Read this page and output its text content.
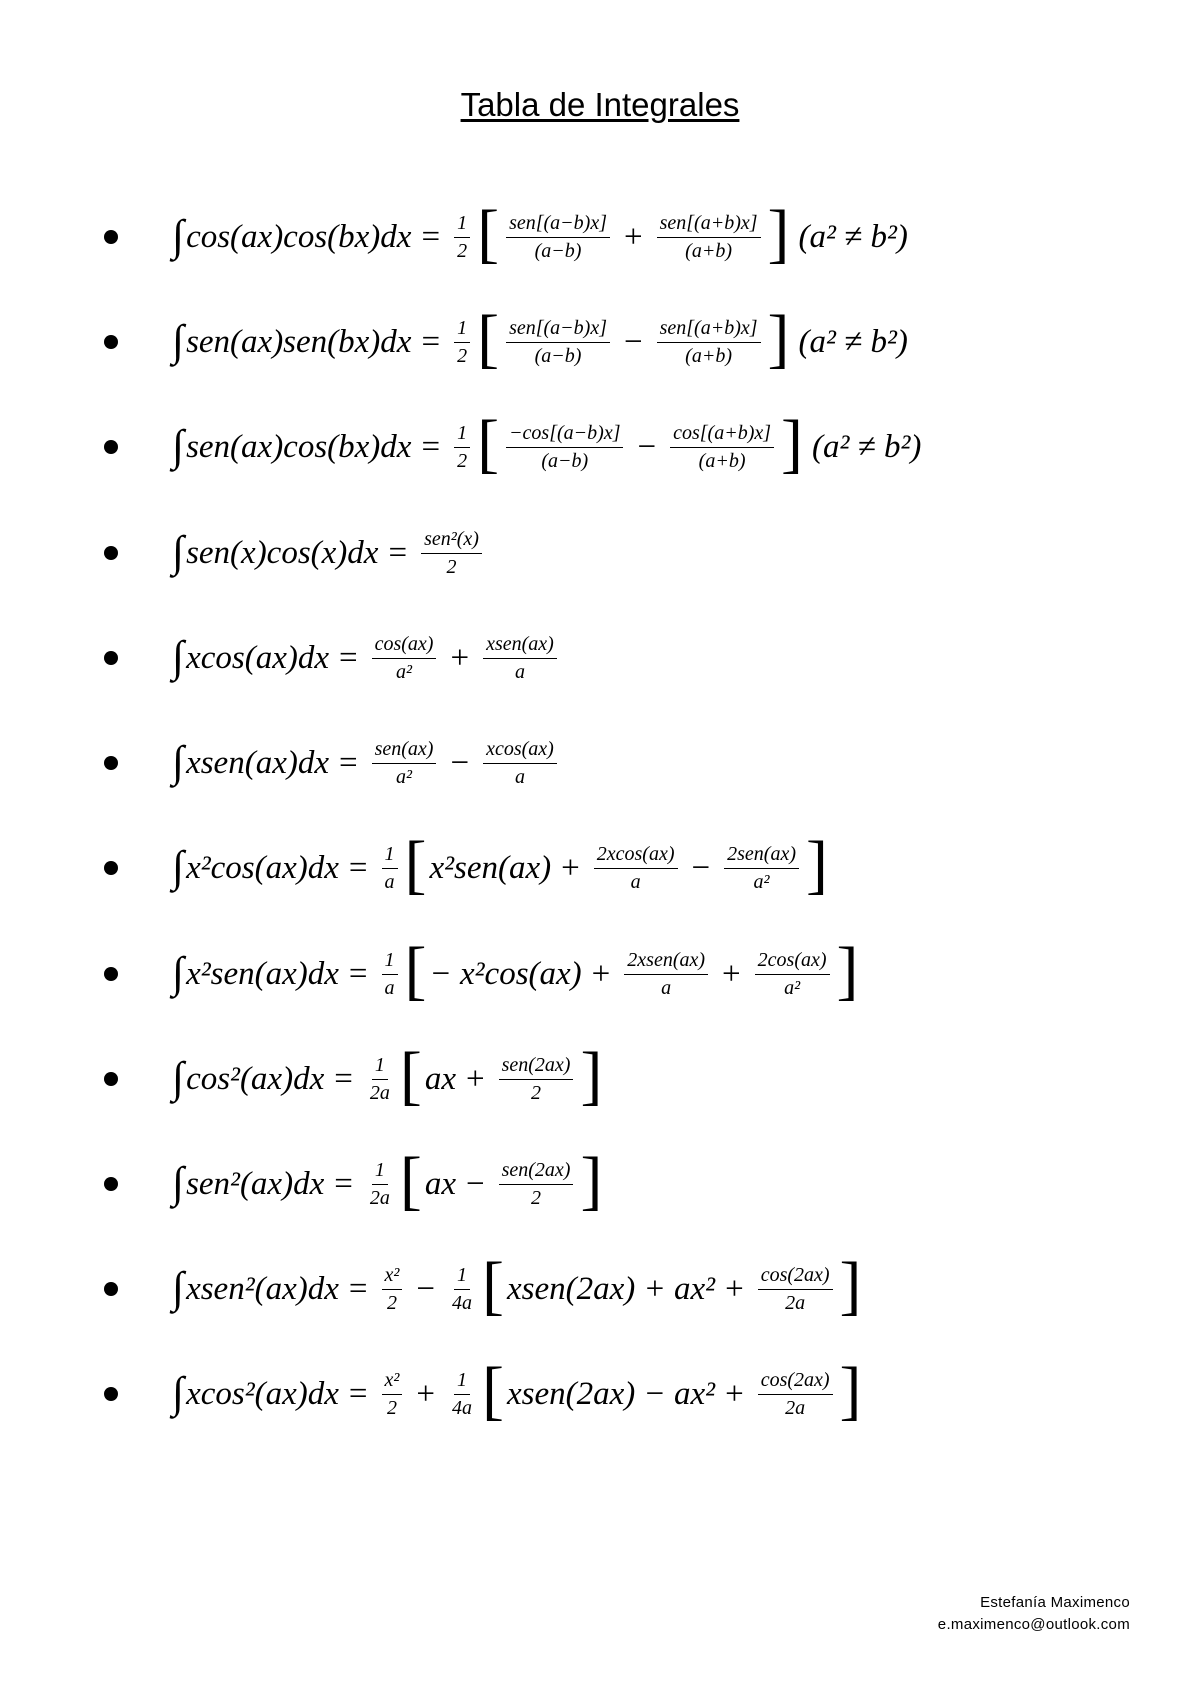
Tabla de Integrales
∫ $\cos(ax)\cos(bx)dx = \frac{1}{2}$ [ $\frac{\text{sen[(a−b)x]}}{(a-b)} + \frac{\text{sen[(a+b)x]}}{(a+b)}$ ] (a² ≠ b²)
∫ $sen(ax)sen(bx)dx = \frac{1}{2}$ [ $\frac{\text{sen[(a−b)x]}}{(a-b)} - \frac{\text{sen[(a+b)x]}}{(a+b)}$ ] (a² ≠ b²)
∫ $sen(ax)\cos(bx)dx = \frac{1}{2}$ [ $\frac{-\cos[(a-b)x]}{(a-b)} - \frac{\cos[(a+b)x]}{(a+b)}$ ] (a² ≠ b²)
∫ $sen(x)\cos(x)dx = \frac{\text{sen²(x)}}{2}$
∫ $xcos(ax)dx = \frac{\cos(ax)}{\text{a²}} + \frac{\text{xsen(ax)}}{a}$
∫ xsen(ax)dx = $\frac{\text{sen(ax)}}{\text{a²}} - \frac{xcos(ax)}{a}$
∫ $x^2\cos(ax)dx = \frac{1}{a}$ [ $x^2sen(ax) + \frac{2xcos(ax)}{a} - \frac{\text{2sen(ax)}}{\text{a²}}$ ]
∫ $x^2sen(ax)dx = \frac{1}{a}$ [ − $x^2\cos(ax) + \frac{\text{2xsen(ax)}}{a} + \frac{2\cos(ax)}{\text{a²}}$ ]
∫ $\cos^2(ax)dx = \frac{1}{2a}$ [ ax + $\frac{\text{sen(2ax)}}{2}$ ]
∫ $sen^2(ax)dx = \frac{1}{2a}$ [ ax − $\frac{\text{sen(2ax)}}{2}$ ]
∫ xsen²(ax)dx = $\frac{\text{x²}}{2} - \frac{1}{4a}$ [ xsen(2ax) + $ax^2 + \frac{\cos(2ax)}{2a}$ ]
∫ $xcos^2(ax)dx = \frac{\text{x²}}{2} + \frac{1}{4a}$ [ xsen(2ax) − $ax^2 + \frac{\cos(2ax)}{2a}$ ]
Estefanía Maximenco
e.maximenco@outlook.com
